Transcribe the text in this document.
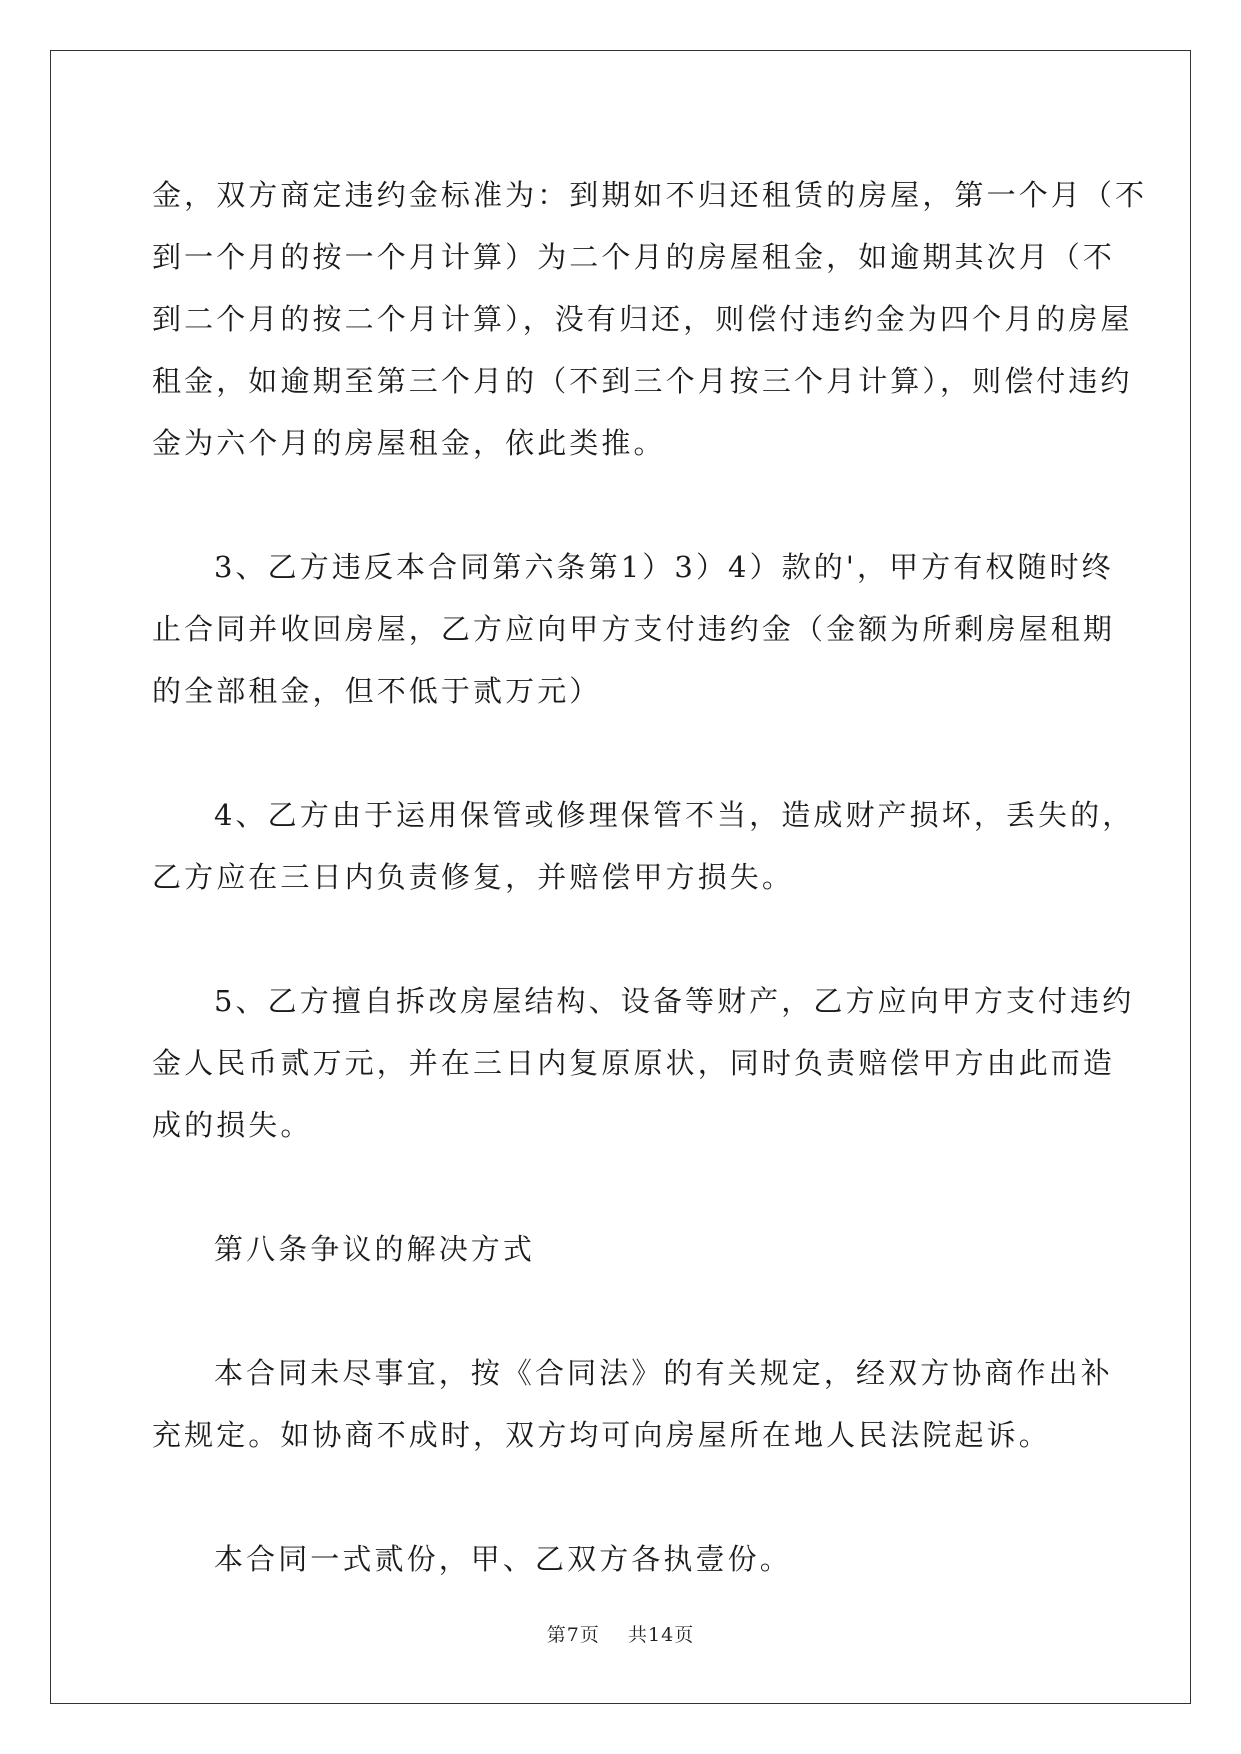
金，双方商定违约金标准为：到期如不归还租赁的房屋，第一个月（不
到一个月的按一个月计算）为二个月的房屋租金，如逾期其次月（不
到二个月的按二个月计算），没有归还，则偿付违约金为四个月的房屋
租金，如逾期至第三个月的（不到三个月按三个月计算），则偿付违约
金为六个月的房屋租金，依此类推。

3、乙方违反本合同第六条第1）3）4）款的'，甲方有权随时终
止合同并收回房屋，乙方应向甲方支付违约金（金额为所剩房屋租期
的全部租金，但不低于贰万元）

4、乙方由于运用保管或修理保管不当，造成财产损坏，丢失的，
乙方应在三日内负责修复，并赔偿甲方损失。

5、乙方擅自拆改房屋结构、设备等财产，乙方应向甲方支付违约
金人民币贰万元，并在三日内复原原状，同时负责赔偿甲方由此而造
成的损失。

第八条争议的解决方式

本合同未尽事宜，按《合同法》的有关规定，经双方协商作出补
充规定。如协商不成时，双方均可向房屋所在地人民法院起诉。

本合同一式贰份，甲、乙双方各执壹份。

第7页 共14页
